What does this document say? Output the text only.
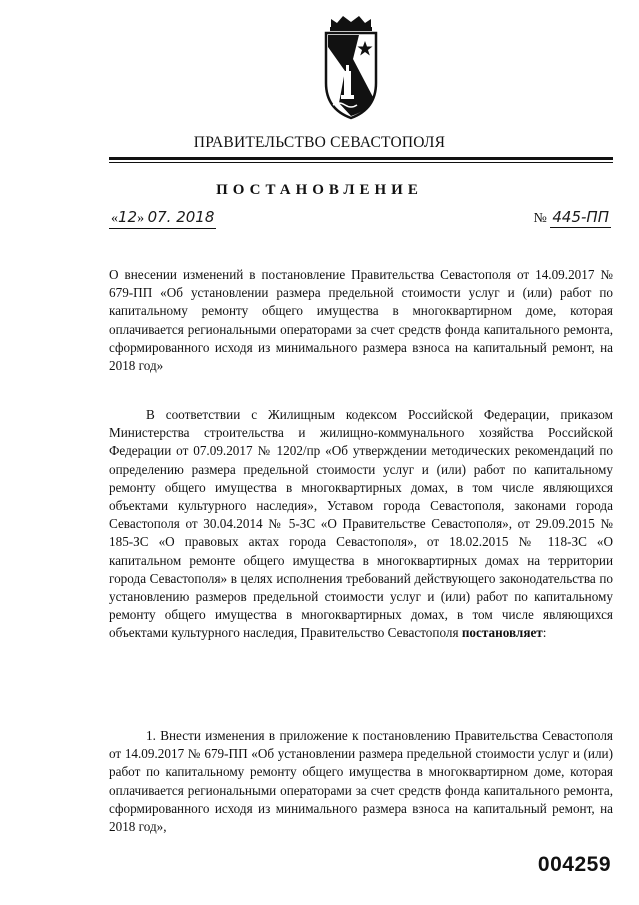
ПРАВИТЕЛЬСТВО СЕВАСТОПОЛЯ
ПОСТАНОВЛЕНИЕ
«12» 07. 2018	№ 445-ПП

О внесении изменений в постановление Правительства Севастополя от 14.09.2017 № 679-ПП «Об установлении размера предельной стоимости услуг и (или) работ по капитальному ремонту общего имущества в многоквартирном доме, которая оплачивается региональными операторами за счет средств фонда капитального ремонта, сформированного исходя из минимального размера взноса на капитальный ремонт, на 2018 год»

В соответствии с Жилищным кодексом Российской Федерации, приказом Министерства строительства и жилищно-коммунального хозяйства Российской Федерации от 07.09.2017 № 1202/пр «Об утверждении методических рекомендаций по определению размера предельной стоимости услуг и (или) работ по капитальному ремонту общего имущества в многоквартирных домах, в том числе являющихся объектами культурного наследия», Уставом города Севастополя, законами города Севастополя от 30.04.2014 № 5-ЗС «О Правительстве Севастополя», от 29.09.2015 № 185-ЗС «О правовых актах города Севастополя», от 18.02.2015 № 118-ЗС «О капитальном ремонте общего имущества в многоквартирных домах на территории города Севастополя» в целях исполнения требований действующего законодательства по установлению размеров предельной стоимости услуг и (или) работ по капитальному ремонту общего имущества в многоквартирных домах, в том числе являющихся объектами культурного наследия, Правительство Севастополя постановляет:

1. Внести изменения в приложение к постановлению Правительства Севастополя от 14.09.2017 № 679-ПП «Об установлении размера предельной стоимости услуг и (или) работ по капитальному ремонту общего имущества в многоквартирном доме, которая оплачивается региональными операторами за счет средств фонда капитального ремонта, сформированного исходя из минимального размера взноса на капитальный ремонт, на 2018 год»,

004259
